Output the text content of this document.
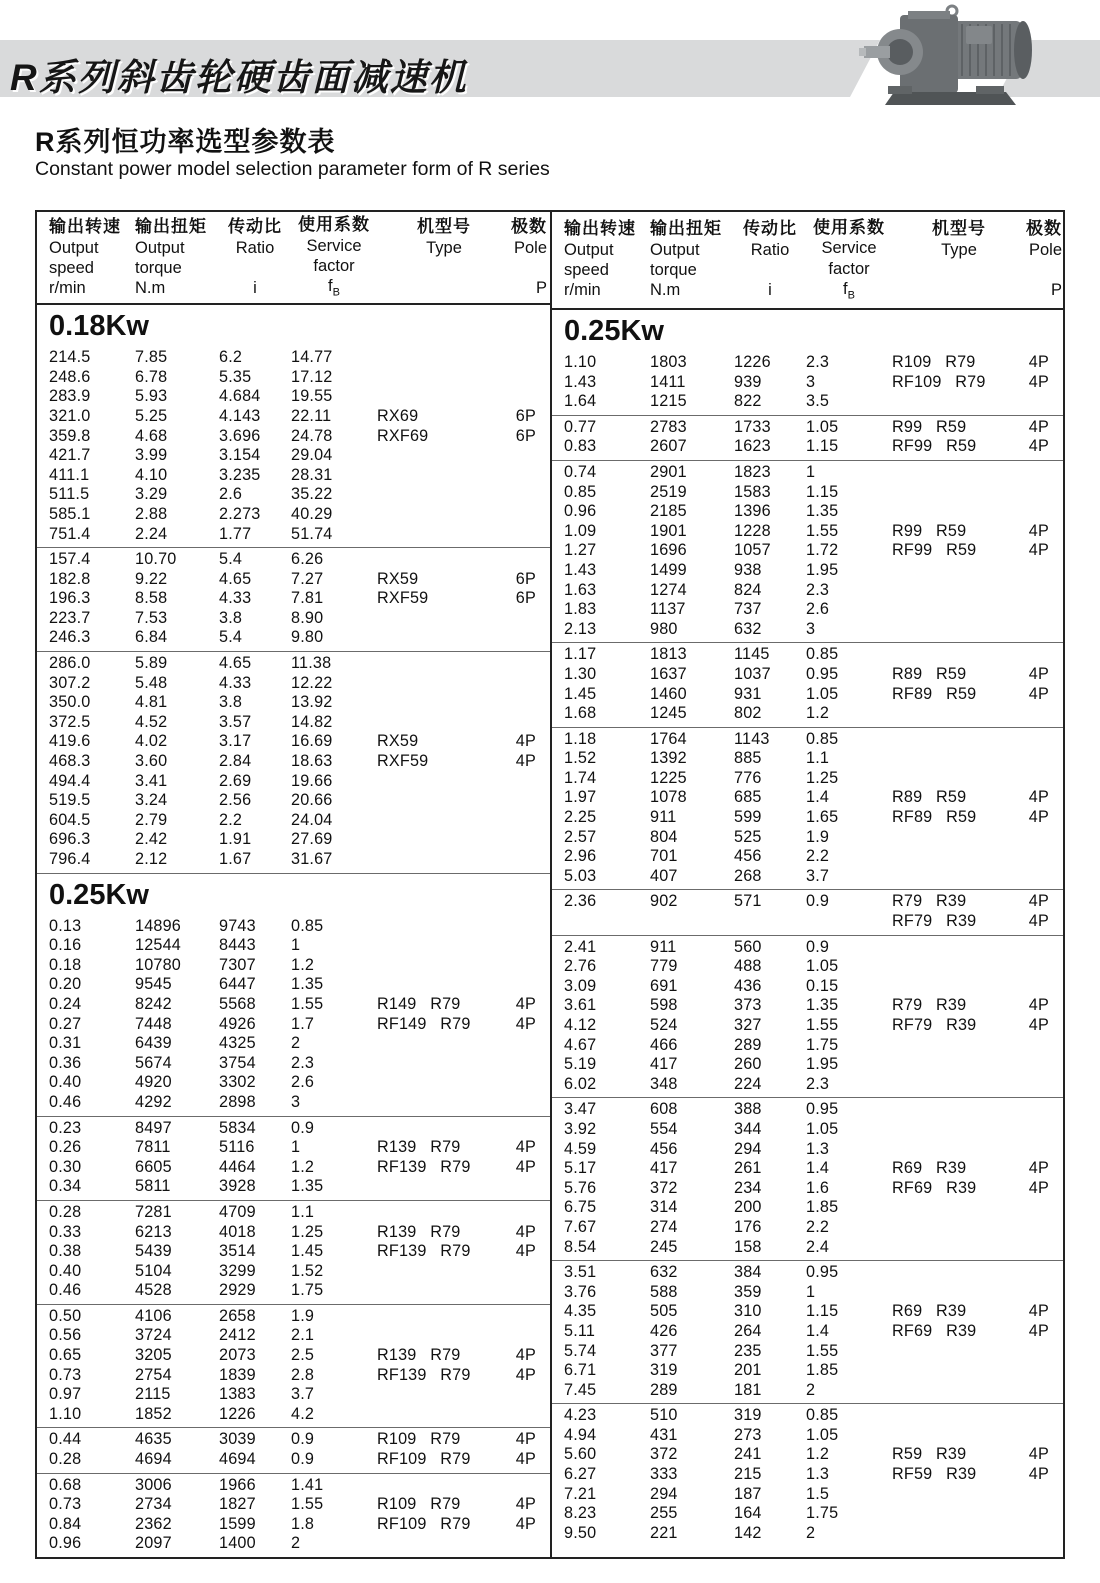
R系列斜齿轮硬齿面减速机
R系列恒功率选型参数表
Constant power model selection parameter form of R series
输出转速
Output
speed
r/min
输出扭矩
Output
torque
N.m
传动比
Ratio

i
使用系数
Service
factor
$f_B$
机型号
Type

极数
Pole

P
0.18Kw
214.5	7.85	6.2	14.77
248.6	6.78	5.35	17.12
283.9	5.93	4.684	19.55
321.0	5.25	4.143	22.11	RX69	6P
359.8	4.68	3.696	24.78	RXF69	6P
421.7	3.99	3.154	29.04
411.1	4.10	3.235	28.31
511.5	3.29	2.6	35.22
585.1	2.88	2.273	40.29
751.4	2.24	1.77	51.74
157.4	10.70	5.4	6.26
182.8	9.22	4.65	7.27	RX59	6P
196.3	8.58	4.33	7.81	RXF59	6P
223.7	7.53	3.8	8.90
246.3	6.84	5.4	9.80
286.0	5.89	4.65	11.38
307.2	5.48	4.33	12.22
350.0	4.81	3.8	13.92
372.5	4.52	3.57	14.82
419.6	4.02	3.17	16.69	RX59	4P
468.3	3.60	2.84	18.63	RXF59	4P
494.4	3.41	2.69	19.66
519.5	3.24	2.56	20.66
604.5	2.79	2.2	24.04
696.3	2.42	1.91	27.69
796.4	2.12	1.67	31.67
0.25Kw
0.13	14896	9743	0.85
0.16	12544	8443	1
0.18	10780	7307	1.2
0.20	9545	6447	1.35
0.24	8242	5568	1.55	R149 R79	4P
0.27	7448	4926	1.7	RF149 R79	4P
0.31	6439	4325	2
0.36	5674	3754	2.3
0.40	4920	3302	2.6
0.46	4292	2898	3
0.23	8497	5834	0.9
0.26	7811	5116	1	R139 R79	4P
0.30	6605	4464	1.2	RF139 R79	4P
0.34	5811	3928	1.35
0.28	7281	4709	1.1
0.33	6213	4018	1.25	R139 R79	4P
0.38	5439	3514	1.45	RF139 R79	4P
0.40	5104	3299	1.52
0.46	4528	2929	1.75
0.50	4106	2658	1.9
0.56	3724	2412	2.1
0.65	3205	2073	2.5	R139 R79	4P
0.73	2754	1839	2.8	RF139 R79	4P
0.97	2115	1383	3.7
1.10	1852	1226	4.2
0.44	4635	3039	0.9	R109 R79	4P
0.28	4694	4694	0.9	RF109 R79	4P
0.68	3006	1966	1.41
0.73	2734	1827	1.55	R109 R79	4P
0.84	2362	1599	1.8	RF109 R79	4P
0.96	2097	1400	2
输出转速
Output
speed
r/min
输出扭矩
Output
torque
N.m
传动比
Ratio

i
使用系数
Service
factor
$f_B$
机型号
Type

极数
Pole

P
0.25Kw
1.10	1803	1226	2.3	R109 R79	4P
1.43	1411	939	3	RF109 R79	4P
1.64	1215	822	3.5
0.77	2783	1733	1.05	R99 R59	4P
0.83	2607	1623	1.15	RF99 R59	4P
0.74	2901	1823	1
0.85	2519	1583	1.15
0.96	2185	1396	1.35
1.09	1901	1228	1.55	R99 R59	4P
1.27	1696	1057	1.72	RF99 R59	4P
1.43	1499	938	1.95
1.63	1274	824	2.3
1.83	1137	737	2.6
2.13	980	632	3
1.17	1813	1145	0.85
1.30	1637	1037	0.95	R89 R59	4P
1.45	1460	931	1.05	RF89 R59	4P
1.68	1245	802	1.2
1.18	1764	1143	0.85
1.52	1392	885	1.1
1.74	1225	776	1.25
1.97	1078	685	1.4	R89 R59	4P
2.25	911	599	1.65	RF89 R59	4P
2.57	804	525	1.9
2.96	701	456	2.2
5.03	407	268	3.7
2.36	902	571	0.9	R79 R39	4P
RF79 R39	4P
2.41	911	560	0.9
2.76	779	488	1.05
3.09	691	436	0.15
3.61	598	373	1.35	R79 R39	4P
4.12	524	327	1.55	RF79 R39	4P
4.67	466	289	1.75
5.19	417	260	1.95
6.02	348	224	2.3
3.47	608	388	0.95
3.92	554	344	1.05
4.59	456	294	1.3
5.17	417	261	1.4	R69 R39	4P
5.76	372	234	1.6	RF69 R39	4P
6.75	314	200	1.85
7.67	274	176	2.2
8.54	245	158	2.4
3.51	632	384	0.95
3.76	588	359	1
4.35	505	310	1.15	R69 R39	4P
5.11	426	264	1.4	RF69 R39	4P
5.74	377	235	1.55
6.71	319	201	1.85
7.45	289	181	2
4.23	510	319	0.85
4.94	431	273	1.05
5.60	372	241	1.2	R59 R39	4P
6.27	333	215	1.3	RF59 R39	4P
7.21	294	187	1.5
8.23	255	164	1.75
9.50	221	142	2
